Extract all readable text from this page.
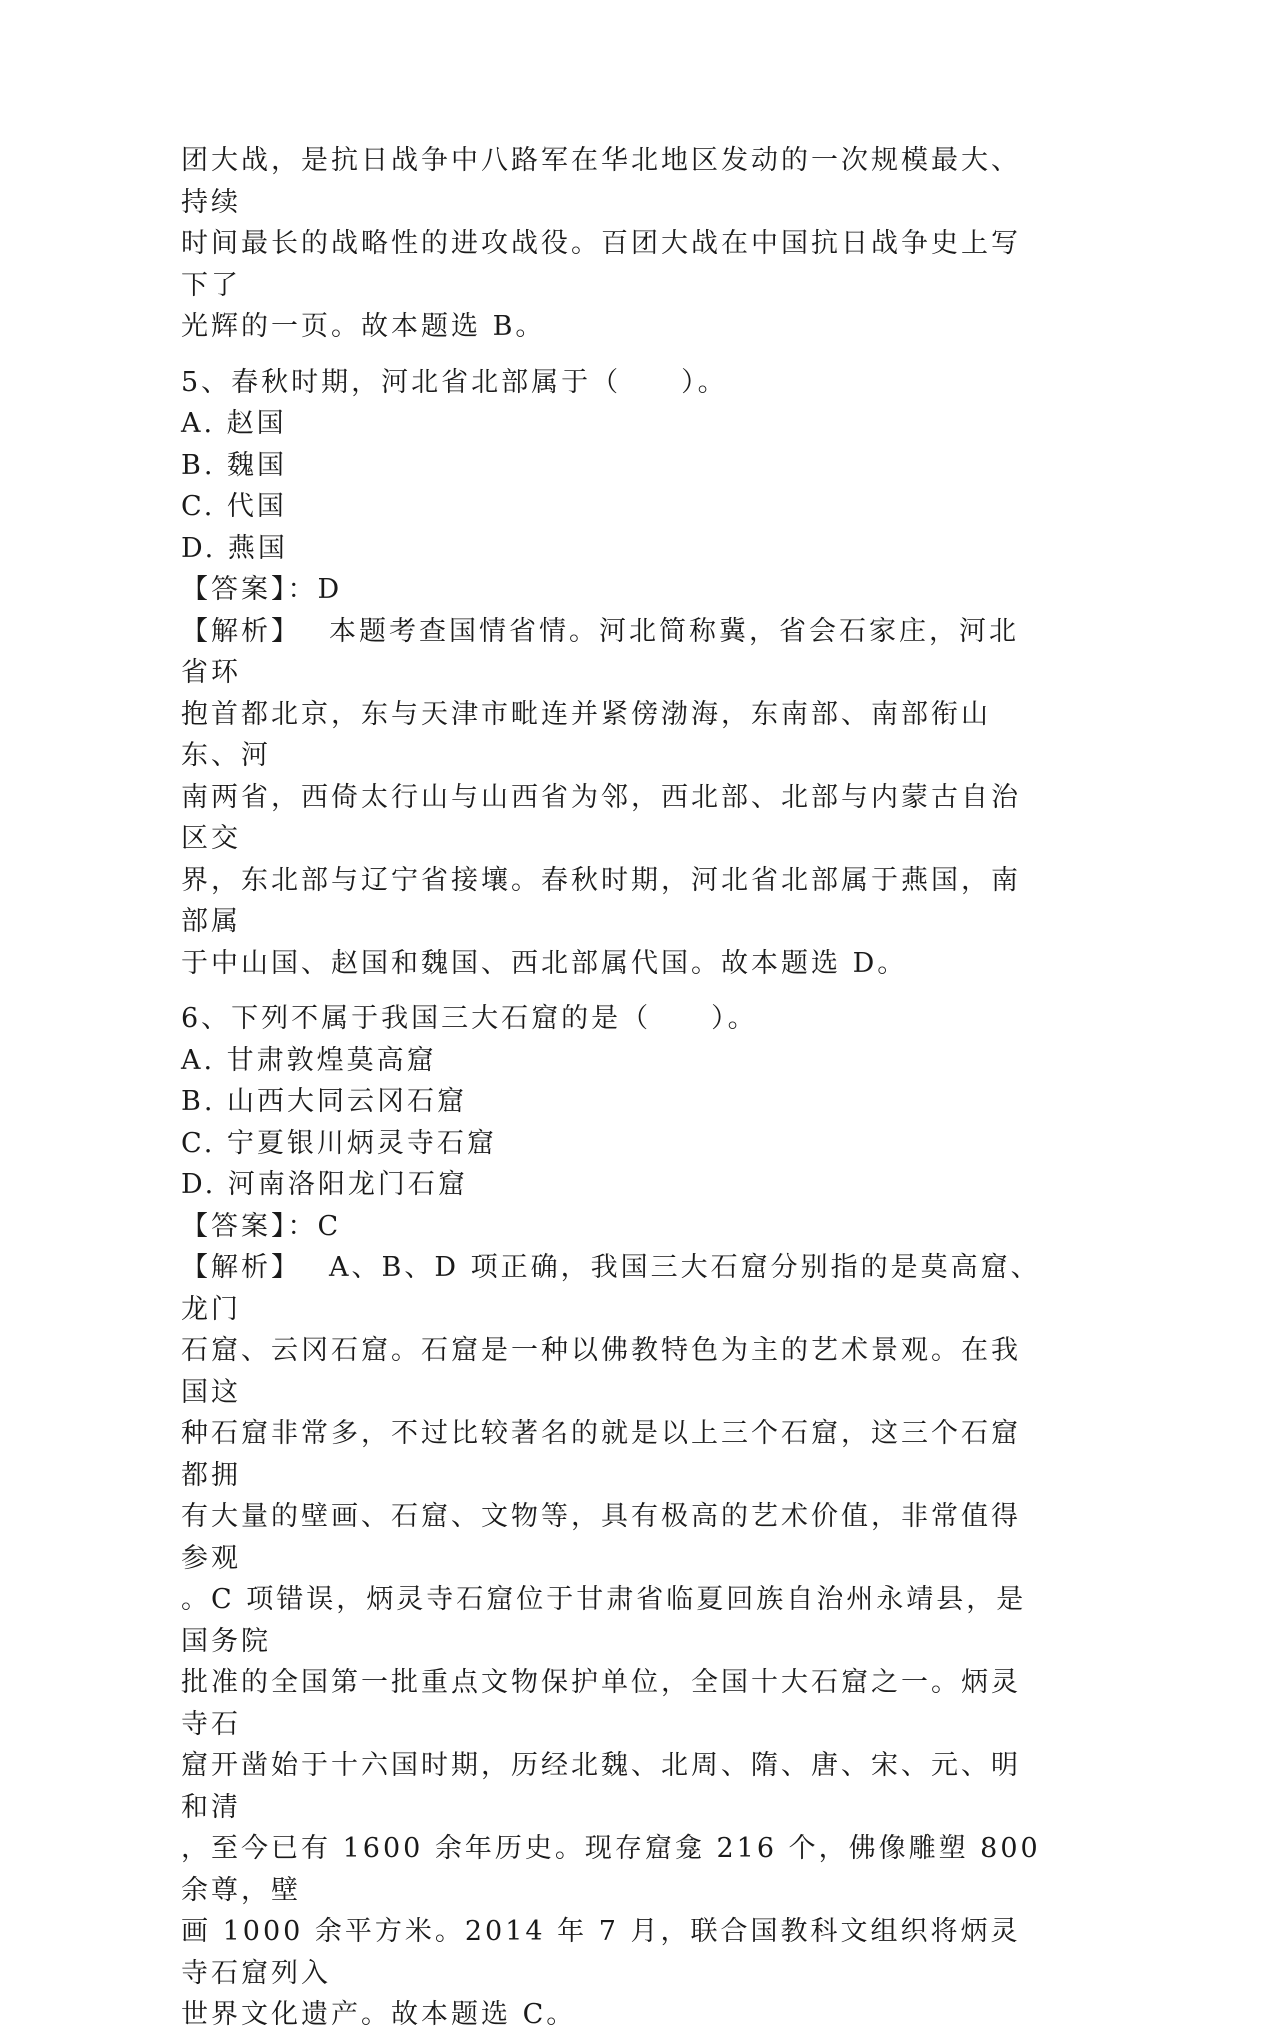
团大战，是抗日战争中八路军在华北地区发动的一次规模最大、持续
时间最长的战略性的进攻战役。百团大战在中国抗日战争史上写下了
光辉的一页。故本题选 B。
5、春秋时期，河北省北部属于（　　）。
A. 赵国
B. 魏国
C. 代国
D. 燕国
【答案】：D
【解析】 本题考查国情省情。河北简称冀，省会石家庄，河北省环
抱首都北京，东与天津市毗连并紧傍渤海，东南部、南部衔山东、河
南两省，西倚太行山与山西省为邻，西北部、北部与内蒙古自治区交
界，东北部与辽宁省接壤。春秋时期，河北省北部属于燕国，南部属
于中山国、赵国和魏国、西北部属代国。故本题选 D。
6、下列不属于我国三大石窟的是（　　）。
A. 甘肃敦煌莫高窟
B. 山西大同云冈石窟
C. 宁夏银川炳灵寺石窟
D. 河南洛阳龙门石窟
【答案】：C
【解析】 A、B、D 项正确，我国三大石窟分别指的是莫高窟、龙门
石窟、云冈石窟。石窟是一种以佛教特色为主的艺术景观。在我国这
种石窟非常多，不过比较著名的就是以上三个石窟，这三个石窟都拥
有大量的壁画、石窟、文物等，具有极高的艺术价值，非常值得参观
。C 项错误，炳灵寺石窟位于甘肃省临夏回族自治州永靖县，是国务院
批准的全国第一批重点文物保护单位，全国十大石窟之一。炳灵寺石
窟开凿始于十六国时期，历经北魏、北周、隋、唐、宋、元、明和清
，至今已有 1600 余年历史。现存窟龛 216 个，佛像雕塑 800 余尊，壁
画 1000 余平方米。2014 年 7 月，联合国教科文组织将炳灵寺石窟列入
世界文化遗产。故本题选 C。
